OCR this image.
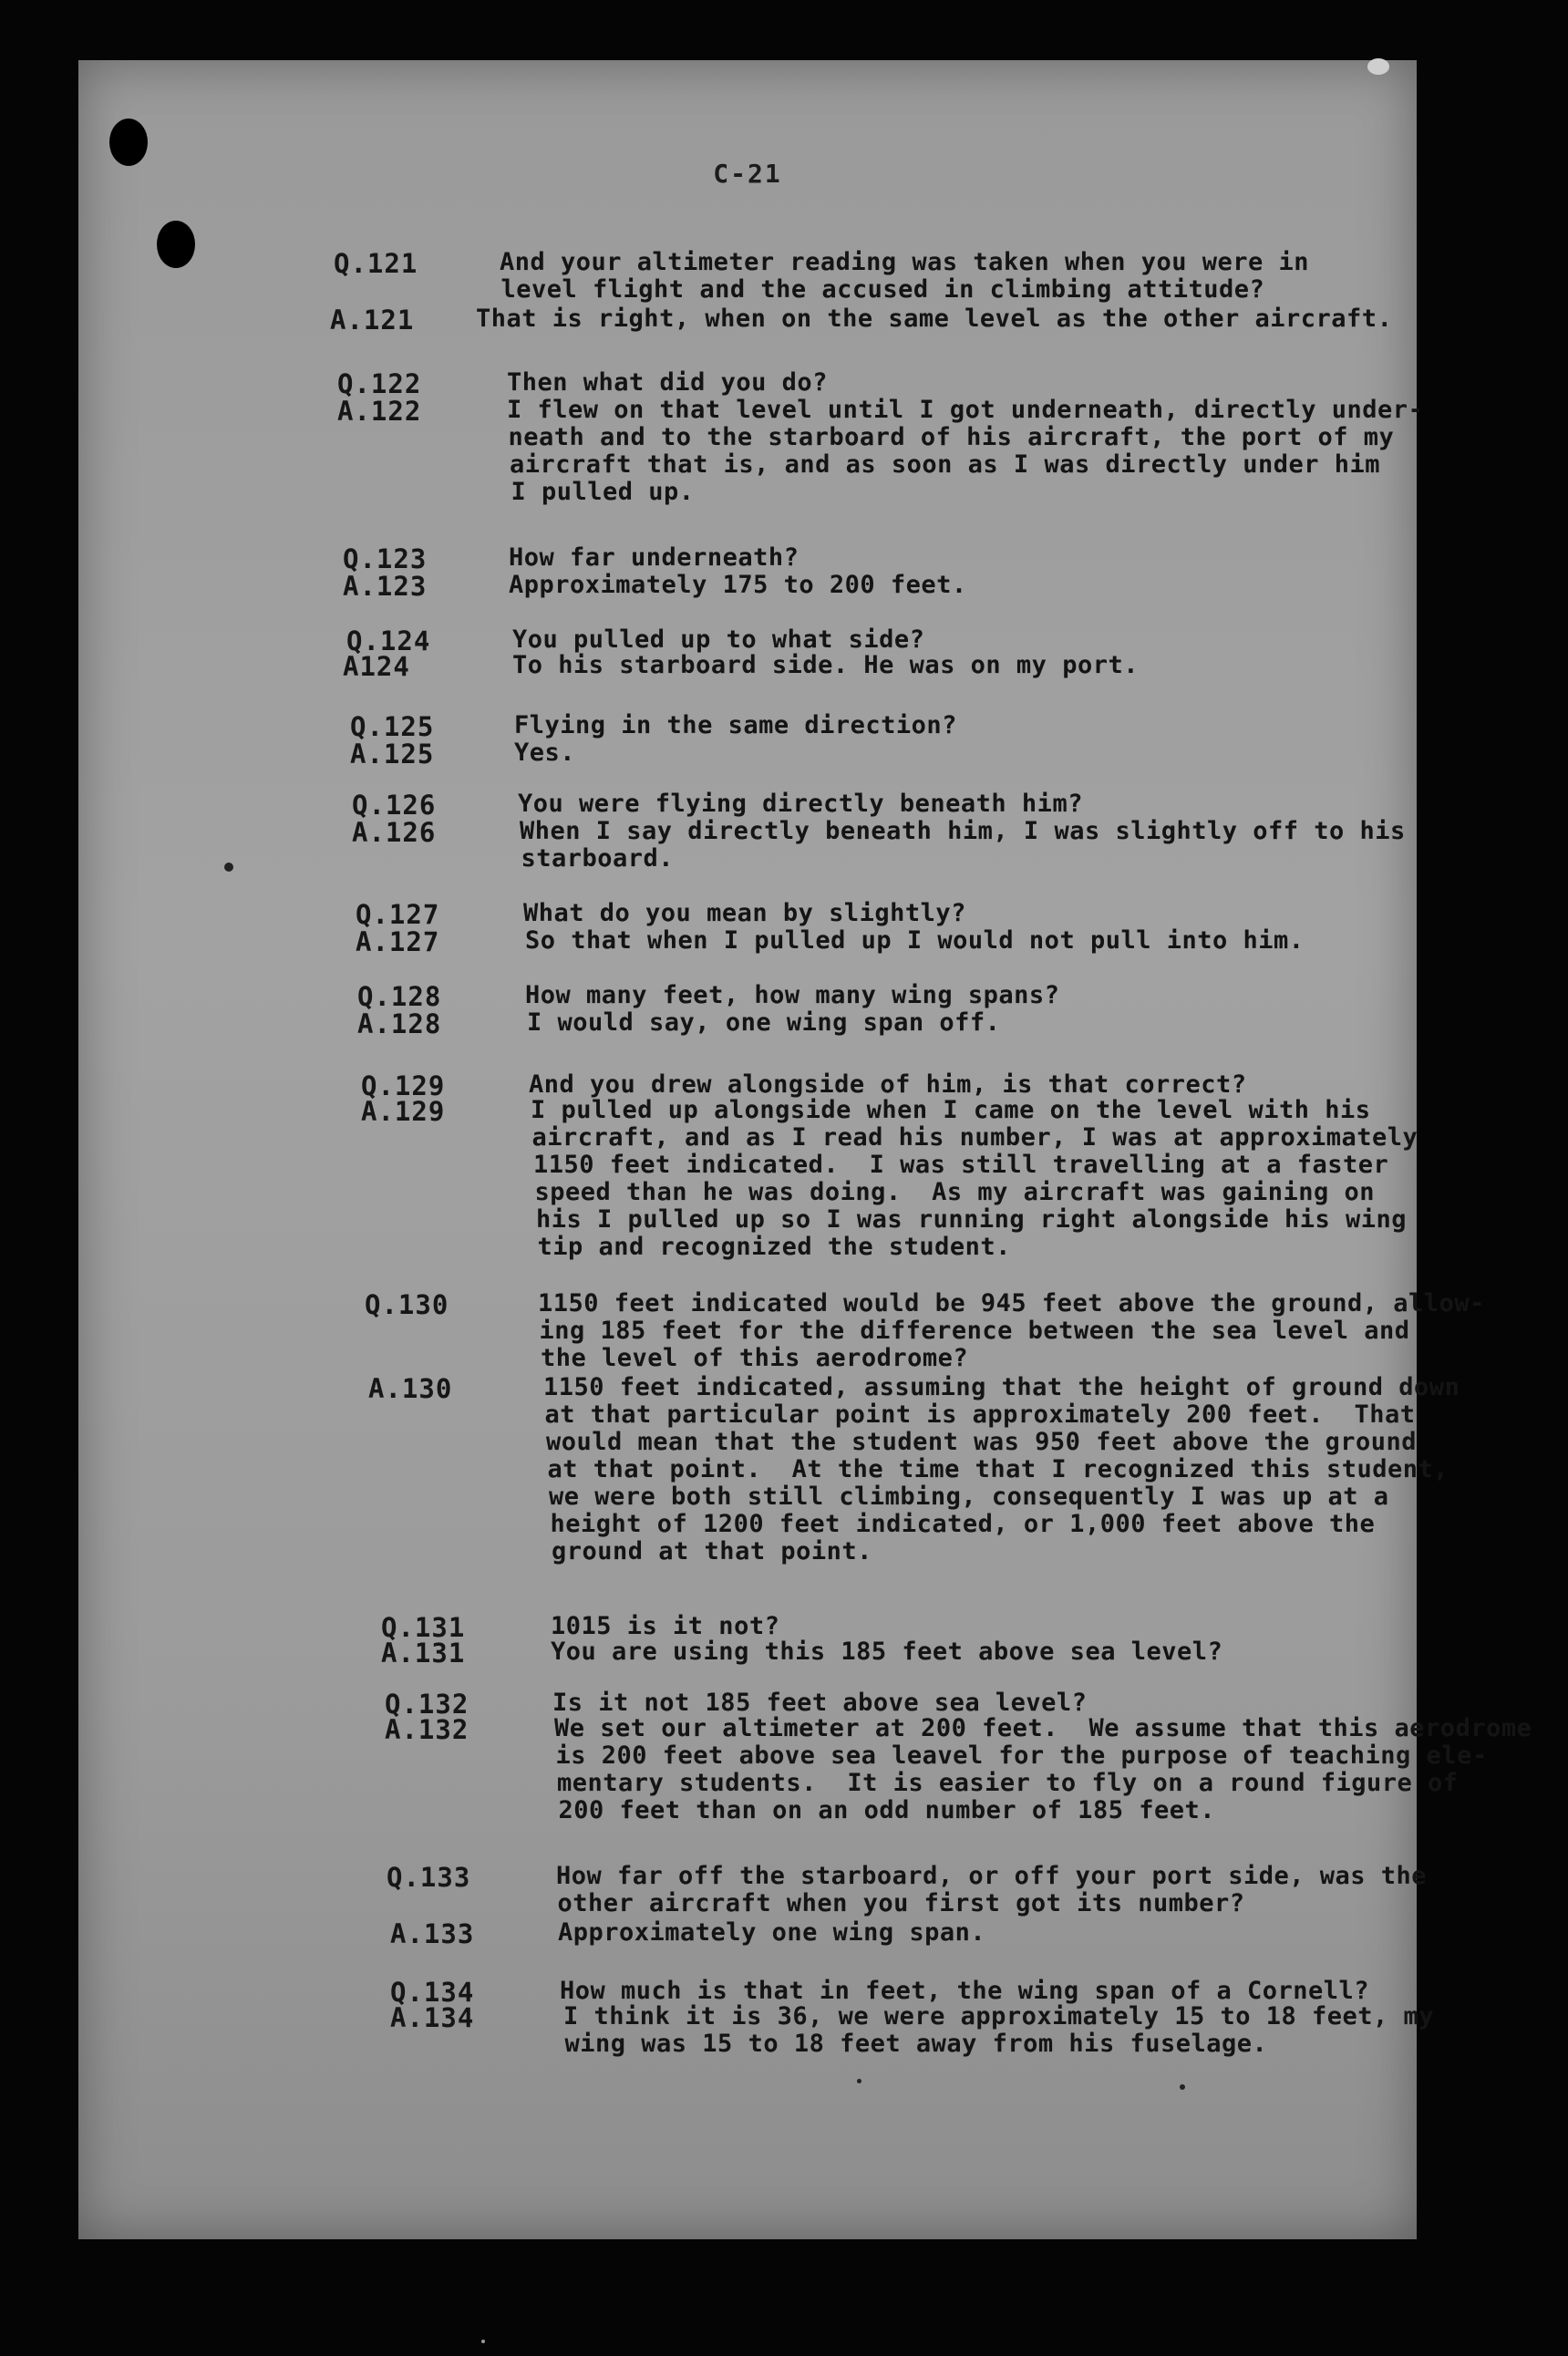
C-21
Q.121	And your altimeter reading was taken when you were in
level flight and the accused in climbing attitude?
A.121	That is right, when on the same level as the other aircraft.
Q.122	Then what did you do?
A.122	I flew on that level until I got underneath, directly under-
neath and to the starboard of his aircraft, the port of my
aircraft that is, and as soon as I was directly under him
I pulled up.
Q.123	How far underneath?
A.123	Approximately 175 to 200 feet.
Q.124	You pulled up to what side?
A124	To his starboard side. He was on my port.
Q.125	Flying in the same direction?
A.125	Yes.
Q.126	You were flying directly beneath him?
A.126	When I say directly beneath him, I was slightly off to his
starboard.
Q.127	What do you mean by slightly?
A.127	So that when I pulled up I would not pull into him.
Q.128	How many feet, how many wing spans?
A.128	I would say, one wing span off.
Q.129	And you drew alongside of him, is that correct?
A.129	I pulled up alongside when I came on the level with his
aircraft, and as I read his number, I was at approximately
1150 feet indicated.  I was still travelling at a faster
speed than he was doing.  As my aircraft was gaining on
his I pulled up so I was running right alongside his wing
tip and recognized the student.
Q.130	1150 feet indicated would be 945 feet above the ground, allow-
ing 185 feet for the difference between the sea level and
the level of this aerodrome?
A.130	1150 feet indicated, assuming that the height of ground down
at that particular point is approximately 200 feet.  That
would mean that the student was 950 feet above the ground
at that point.  At the time that I recognized this student,
we were both still climbing, consequently I was up at a
height of 1200 feet indicated, or 1,000 feet above the
ground at that point.
Q.131	1015 is it not?
A.131	You are using this 185 feet above sea level?
Q.132	Is it not 185 feet above sea level?
A.132	We set our altimeter at 200 feet.  We assume that this aerodrome
is 200 feet above sea leavel for the purpose of teaching ele-
mentary students.  It is easier to fly on a round figure of
200 feet than on an odd number of 185 feet.
Q.133	How far off the starboard, or off your port side, was the
other aircraft when you first got its number?
A.133	Approximately one wing span.
Q.134	How much is that in feet, the wing span of a Cornell?
A.134	I think it is 36, we were approximately 15 to 18 feet, my
wing was 15 to 18 feet away from his fuselage.
